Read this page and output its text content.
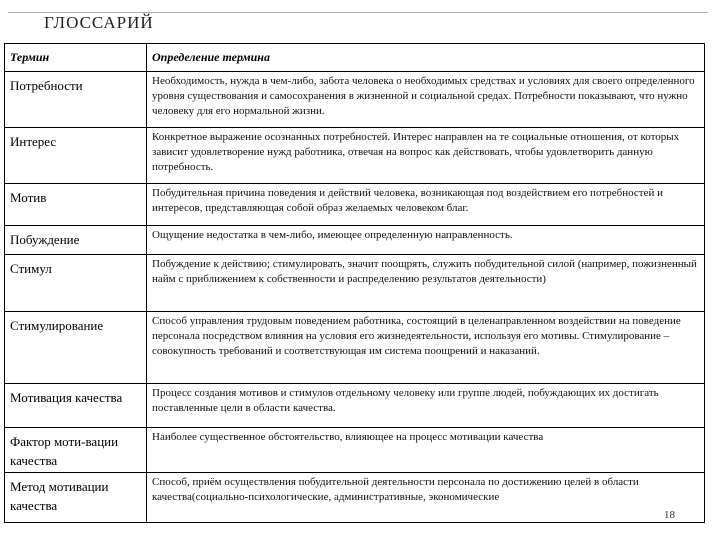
ГЛОССАРИЙ
Термин	Определение термина
Потребности	Необходимость, нужда в чем-либо, забота человека о необходимых средствах и условиях для своего определенного уровня существования и самосохранения в жизненной и социальной средах. Потребности показывают, что нужно человеку для его нормальной жизни.
Интерес	Конкретное выражение осознанных потребностей. Интерес направлен на те социальные отношения, от которых зависит удовлетворение нужд работника, отвечая на вопрос как действовать, чтобы удовлетворить данную потребность.
Мотив	Побудительная причина поведения и действий человека, возникающая под воздействием его потребностей и интересов, представляющая собой образ желаемых человеком благ.
Побуждение	Ощущение недостатка в чем-либо, имеющее определенную направленность.
Стимул	Побуждение к действию; стимулировать, значит поощрять, служить побудительной силой (например, пожизненный найм с приближением к собственности и распределению результатов деятельности)
Стимулирование	Способ управления трудовым поведением работника, состоящий в целенаправленном воздействии на поведение персонала посредством влияния на условия его жизнедеятельности, используя его мотивы. Стимулирование – совокупность требований и соответствующая им система поощрений и наказаний.
Мотивация качества	Процесс создания мотивов и стимулов отдельному человеку или группе людей, побуждающих их достигать поставленные цели в области качества.
Фактор моти-вации качества	Наиболее существенное обстоятельство, влияющее на процесс мотивации качества
Метод мотивации качества	Способ, приём осуществления побудительной деятельности персонала по достижению целей в области качества(социально-психологические, административные, экономические
18
